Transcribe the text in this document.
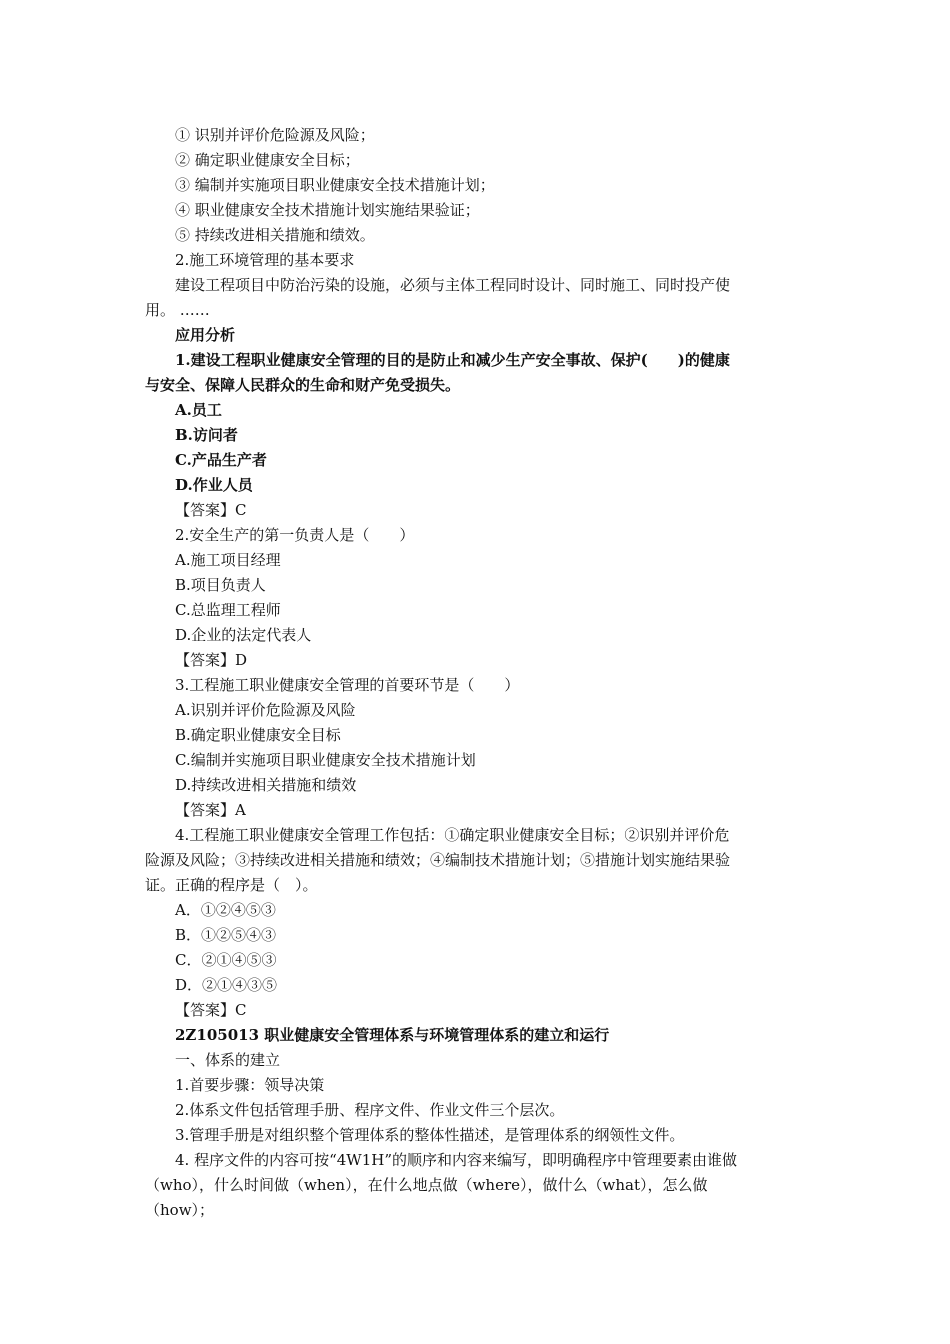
① 识别并评价危险源及风险；
② 确定职业健康安全目标；
③ 编制并实施项目职业健康安全技术措施计划；
④ 职业健康安全技术措施计划实施结果验证；
⑤ 持续改进相关措施和绩效。
2.施工环境管理的基本要求
建设工程项目中防治污染的设施，必须与主体工程同时设计、同时施工、同时投产使
用。 ……
应用分析
1.建设工程职业健康安全管理的目的是防止和减少生产安全事故、保护(　　)的健康
与安全、保障人民群众的生命和财产免受损失。
A.员工
B.访问者
C.产品生产者
D.作业人员
【答案】C
2.安全生产的第一负责人是（　　）
A.施工项目经理
B.项目负责人
C.总监理工程师
D.企业的法定代表人
【答案】D
3.工程施工职业健康安全管理的首要环节是（　　）
A.识别并评价危险源及风险
B.确定职业健康安全目标
C.编制并实施项目职业健康安全技术措施计划
D.持续改进相关措施和绩效
【答案】A
4.工程施工职业健康安全管理工作包括：①确定职业健康安全目标；②识别并评价危
险源及风险；③持续改进相关措施和绩效；④编制技术措施计划；⑤措施计划实施结果验
证。正确的程序是（　）。
A．①②④⑤③
B．①②⑤④③
C．②①④⑤③
D．②①④③⑤
【答案】C
2Z105013 职业健康安全管理体系与环境管理体系的建立和运行
一、体系的建立
1.首要步骤：领导决策
2.体系文件包括管理手册、程序文件、作业文件三个层次。
3.管理手册是对组织整个管理体系的整体性描述，是管理体系的纲领性文件。
4. 程序文件的内容可按“4W1H”的顺序和内容来编写，即明确程序中管理要素由谁做
（who），什么时间做（when），在什么地点做（where），做什么（what），怎么做
（how）；
